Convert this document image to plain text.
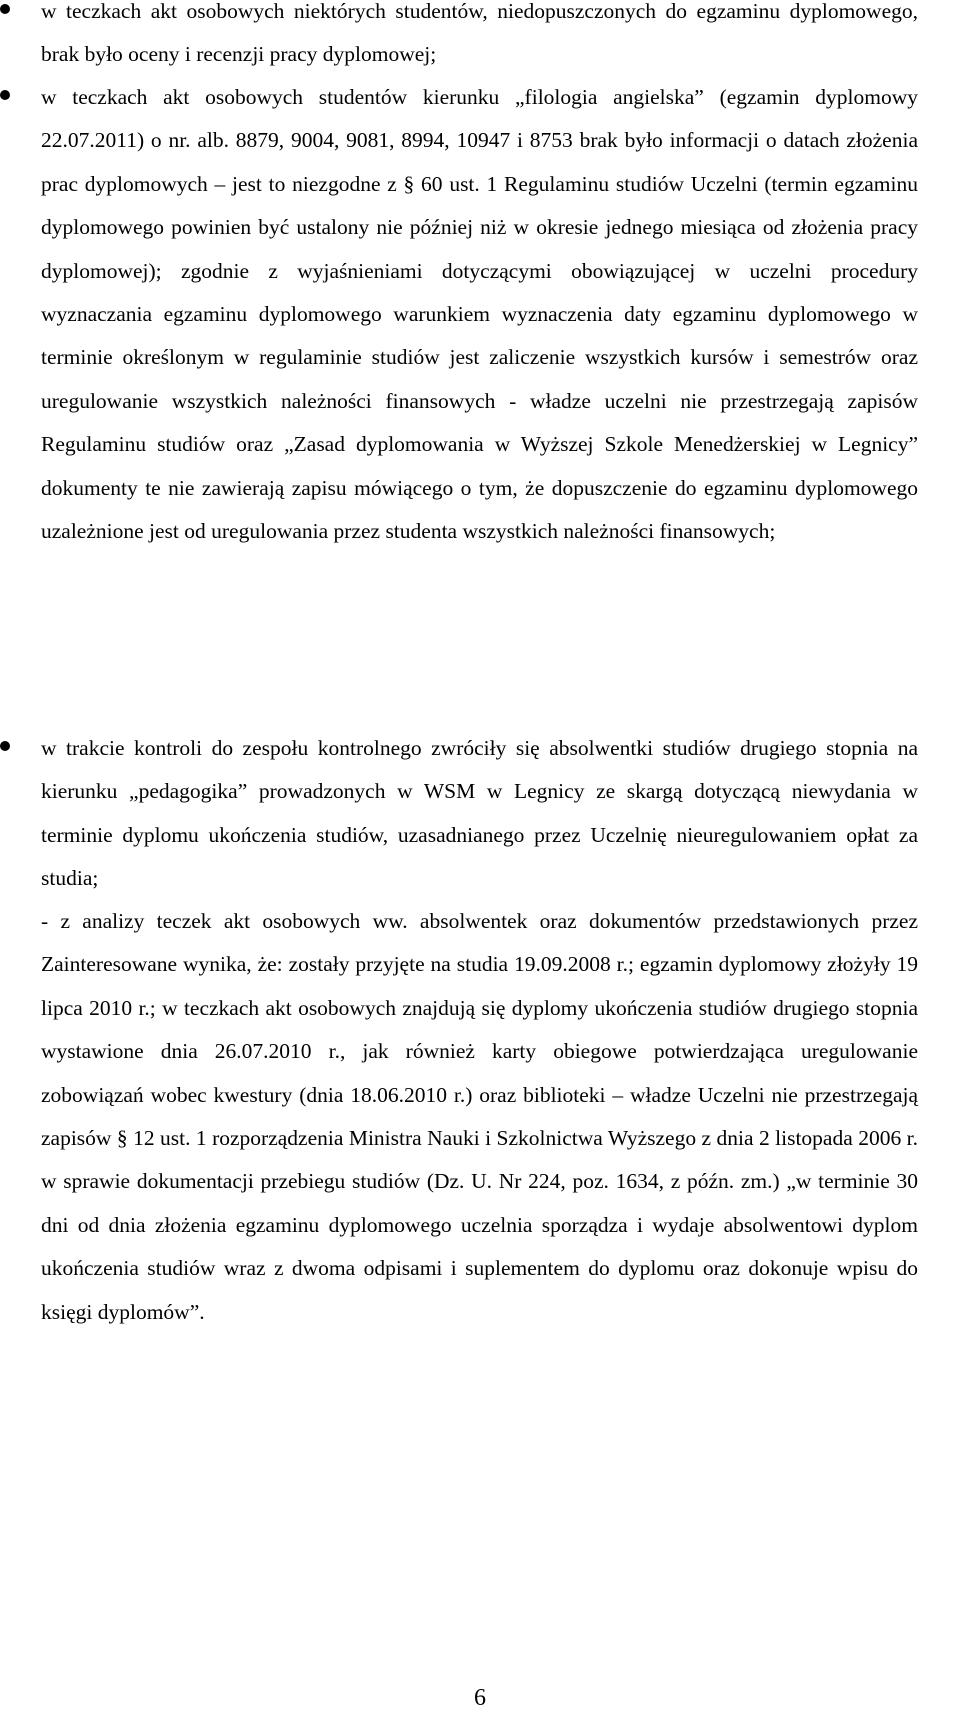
w teczkach akt osobowych niektórych studentów, niedopuszczonych do egzaminu dyplomowego, brak było oceny i recenzji pracy dyplomowej;
w teczkach akt osobowych studentów kierunku „filologia angielska” (egzamin dyplomowy 22.07.2011) o nr. alb. 8879, 9004, 9081, 8994, 10947 i 8753 brak było informacji o datach złożenia prac dyplomowych – jest to niezgodne z § 60 ust. 1 Regulaminu studiów Uczelni (termin egzaminu dyplomowego powinien być ustalony nie później niż w okresie jednego miesiąca od złożenia pracy dyplomowej); zgodnie z wyjaśnieniami dotyczącymi obowiązującej w uczelni procedury wyznaczania egzaminu dyplomowego warunkiem wyznaczenia daty egzaminu dyplomowego w terminie określonym w regulaminie studiów jest zaliczenie wszystkich kursów i semestrów oraz uregulowanie wszystkich należności finansowych - władze uczelni nie przestrzegają zapisów Regulaminu studiów oraz „Zasad dyplomowania w Wyższej Szkole Menedżerskiej w Legnicy” dokumenty te nie zawierają zapisu mówiącego o tym, że dopuszczenie do egzaminu dyplomowego uzależnione jest od uregulowania przez studenta wszystkich należności finansowych;
w trakcie kontroli do zespołu kontrolnego zwróciły się absolwentki studiów drugiego stopnia na kierunku „pedagogika” prowadzonych w WSM w Legnicy ze skargą dotyczącą niewydania w terminie dyplomu ukończenia studiów, uzasadnianego przez Uczelnię nieuregulowaniem opłat za studia;
- z analizy teczek akt osobowych ww. absolwentek oraz dokumentów przedstawionych przez Zainteresowane wynika, że: zostały przyjęte na studia 19.09.2008 r.; egzamin dyplomowy złożyły 19 lipca 2010 r.; w teczkach akt osobowych znajdują się dyplomy ukończenia studiów drugiego stopnia wystawione dnia 26.07.2010 r., jak również karty obiegowe potwierdzająca uregulowanie zobowiązań wobec kwestury (dnia 18.06.2010 r.) oraz biblioteki – władze Uczelni nie przestrzegają zapisów § 12 ust. 1 rozporządzenia Ministra Nauki i Szkolnictwa Wyższego z dnia 2 listopada 2006 r. w sprawie dokumentacji przebiegu studiów (Dz. U. Nr 224, poz. 1634, z późn. zm.) „w terminie 30 dni od dnia złożenia egzaminu dyplomowego uczelnia sporządza i wydaje absolwentowi dyplom ukończenia studiów wraz z dwoma odpisami i suplementem do dyplomu oraz dokonuje wpisu do księgi dyplomów”.
6
